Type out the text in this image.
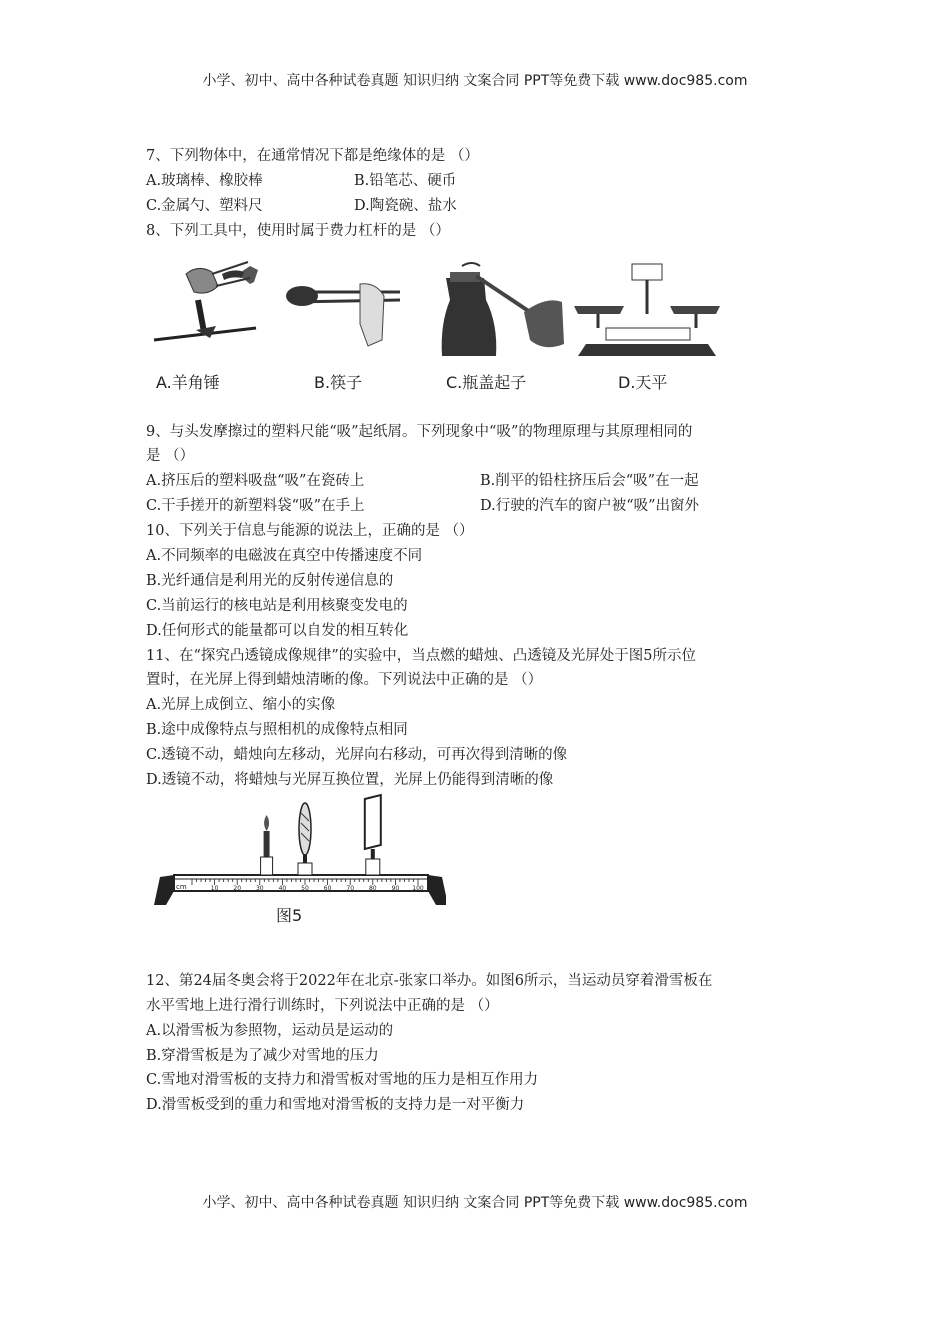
小学、初中、高中各种试卷真题 知识归纳 文案合同 PPT等免费下载 www.doc985.com
7、下列物体中，在通常情况下都是绝缘体的是 （）
A.玻璃棒、橡胶棒	B.铅笔芯、硬币
C.金属勺、塑料尺	D.陶瓷碗、盐水
8、下列工具中，使用时属于费力杠杆的是 （）
A.羊角锤	B.筷子	C.瓶盖起子	D.天平
9、与头发摩擦过的塑料尺能“吸”起纸屑。下列现象中“吸”的物理原理与其原理相同的
是 （）
A.挤压后的塑料吸盘“吸”在瓷砖上	B.削平的铅柱挤压后会“吸”在一起
C.干手搓开的新塑料袋“吸”在手上	D.行驶的汽车的窗户被“吸”出窗外
10、下列关于信息与能源的说法上，正确的是 （）
A.不同频率的电磁波在真空中传播速度不同
B.光纤通信是利用光的反射传递信息的
C.当前运行的核电站是利用核聚变发电的
D.任何形式的能量都可以自发的相互转化
11、在“探究凸透镜成像规律”的实验中，当点燃的蜡烛、凸透镜及光屏处于图5所示位
置时，在光屏上得到蜡烛清晰的像。下列说法中正确的是 （）
A.光屏上成倒立、缩小的实像
B.途中成像特点与照相机的成像特点相同
C.透镜不动，蜡烛向左移动，光屏向右移动，可再次得到清晰的像
D.透镜不动，将蜡烛与光屏互换位置，光屏上仍能得到清晰的像
10 20 30 40 50 60 70 80 90 100
cm
图5
12、第24届冬奥会将于2022年在北京-张家口举办。如图6所示，当运动员穿着滑雪板在
水平雪地上进行滑行训练时，下列说法中正确的是 （）
A.以滑雪板为参照物，运动员是运动的
B.穿滑雪板是为了减少对雪地的压力
C.雪地对滑雪板的支持力和滑雪板对雪地的压力是相互作用力
D.滑雪板受到的重力和雪地对滑雪板的支持力是一对平衡力
小学、初中、高中各种试卷真题 知识归纳 文案合同 PPT等免费下载 www.doc985.com
